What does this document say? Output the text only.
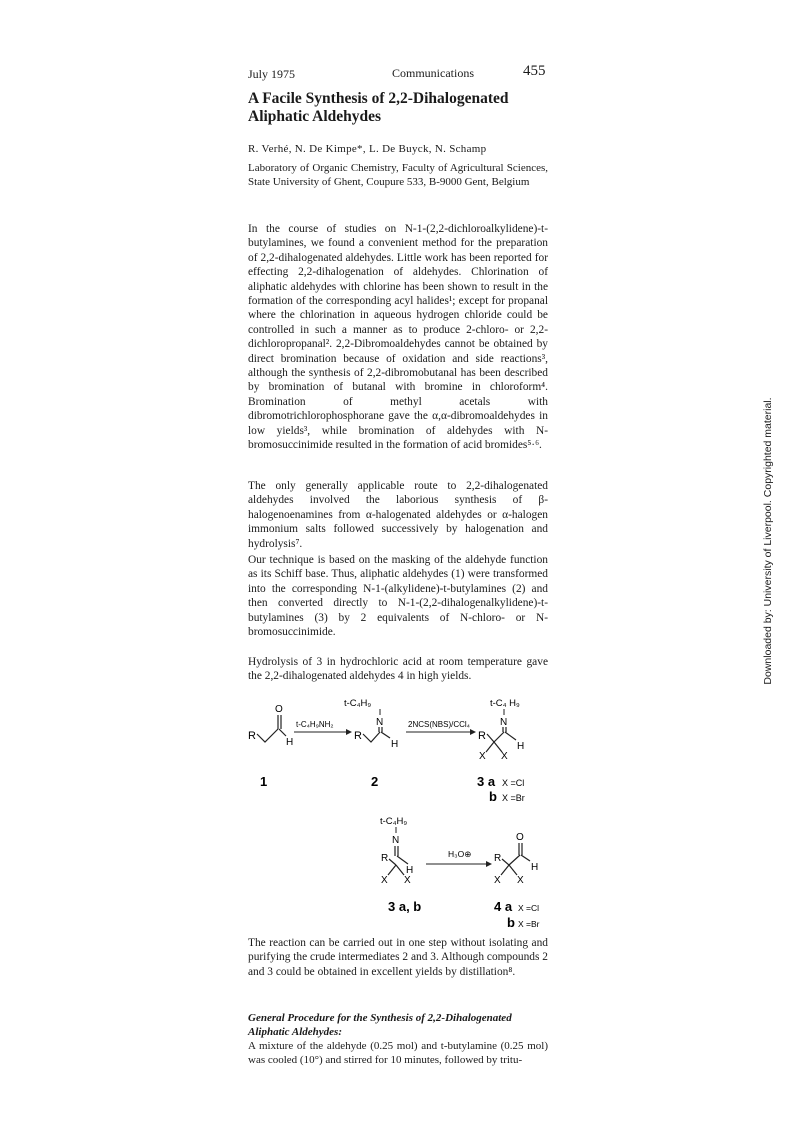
July 1975	Communications	455
A Facile Synthesis of 2,2-Dihalogenated Aliphatic Aldehydes
R. Verhé, N. De Kimpe*, L. De Buyck, N. Schamp
Laboratory of Organic Chemistry, Faculty of Agricultural Sciences, State University of Ghent, Coupure 533, B-9000 Gent, Belgium

In the course of studies on N-1-(2,2-dichloroalkylidene)-t-butylamines, we found a convenient method for the preparation of 2,2-dihalogenated aldehydes. Little work has been reported for effecting 2,2-dihalogenation of aldehydes. Chlorination of aliphatic aldehydes with chlorine has been shown to result in the formation of the corresponding acyl halides¹; except for propanal where the chlorination in aqueous hydrogen chloride could be controlled in such a manner as to produce 2-chloro- or 2,2-dichloropropanal². 2,2-Dibromoaldehydes cannot be obtained by direct bromination because of oxidation and side reactions³, although the synthesis of 2,2-dibromobutanal has been described by bromination of butanal with bromine in chloroform⁴. Bromination of methyl acetals with dibromotrichlorophosphorane gave the α,α-dibromoaldehydes in low yields³, while bromination of aldehydes with N-bromosuccinimide resulted in the formation of acid bromides⁵·⁶.

The only generally applicable route to 2,2-dihalogenated aldehydes involved the laborious synthesis of β-halogenoenamines from α-halogenated aldehydes or α-halogen immonium salts followed successively by halogenation and hydrolysis⁷.

Our technique is based on the masking of the aldehyde function as its Schiff base. Thus, aliphatic aldehydes (1) were transformed into the corresponding N-1-(alkylidene)-t-butylamines (2) and then converted directly to N-1-(2,2-dihalogenalkylidene)-t-butylamines (3) by 2 equivalents of N-chloro- or N-bromosuccinimide.

Hydrolysis of 3 in hydrochloric acid at room temperature gave the 2,2-dihalogenated aldehydes 4 in high yields.

R
O
H
t-C₄H₉NH₂
t-C₄H₉
N
R
H
2NCS(NBS)/CCl₄
t-C₄ H₉
N
R
X X
H
1	2	3 a X =Cl
b X =Br
t-C₄H₉
N
R
H
X X
H₃O⊕ R
O
H
X X
3 a, b	4 a X =Cl
b X =Br

The reaction can be carried out in one step without isolating and purifying the crude intermediates 2 and 3. Although compounds 2 and 3 could be obtained in excellent yields by distillation⁸.

General Procedure for the Synthesis of 2,2-Dihalogenated Aliphatic Aldehydes:
A mixture of the aldehyde (0.25 mol) and t-butylamine (0.25 mol) was cooled (10°) and stirred for 10 minutes, followed by tritu-
Downloaded by: University of Liverpool. Copyrighted material.
